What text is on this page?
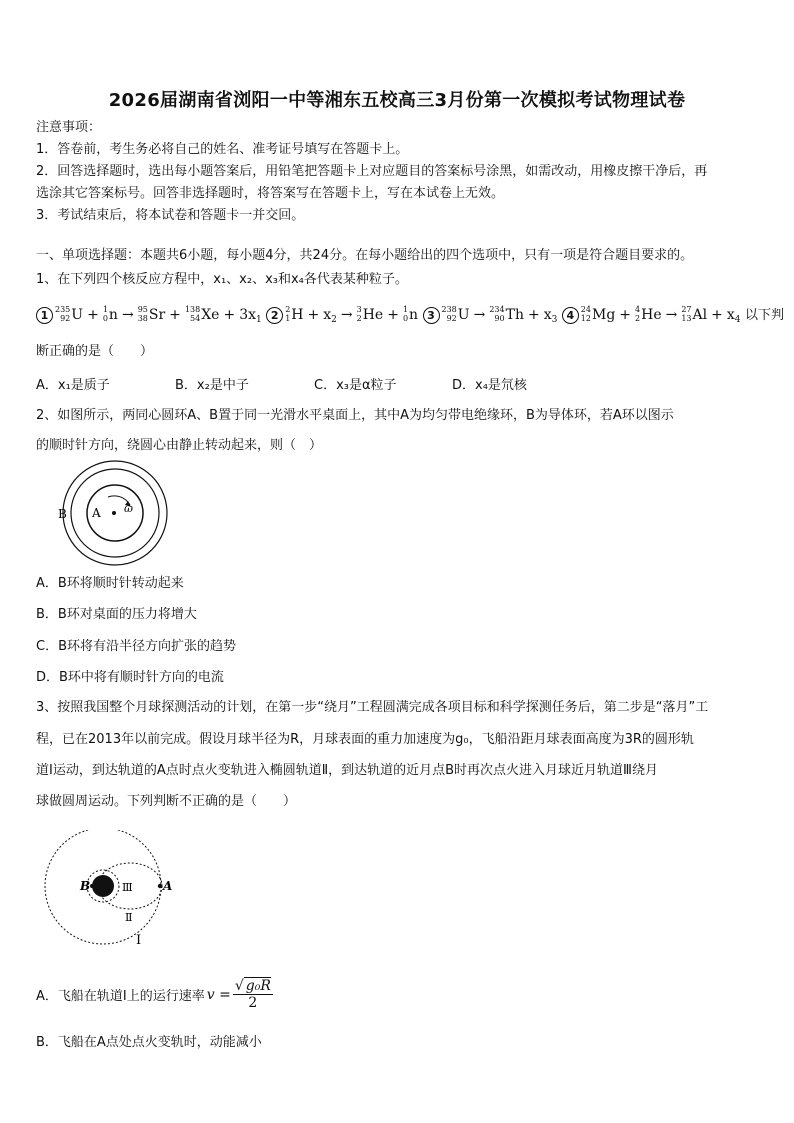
2026届湖南省浏阳一中等湘东五校高三3月份第一次模拟考试物理试卷
注意事项：
1．答卷前，考生务必将自己的姓名、准考证号填写在答题卡上。
2．回答选择题时，选出每小题答案后，用铅笔把答题卡上对应题目的答案标号涂黑，如需改动，用橡皮擦干净后，再
选涂其它答案标号。回答非选择题时，将答案写在答题卡上，写在本试卷上无效。
3．考试结束后，将本试卷和答题卡一并交回。
一、单项选择题：本题共6小题，每小题4分，共24分。在每小题给出的四个选项中，只有一项是符合题目要求的。
1、在下列四个核反应方程中，x₁、x₂、x₃和x₄各代表某种粒子。
1 235
92 U + 1
0 n → 95
38 Sr + 138
54 $Xe + 3x_1$ 2 2
1 $H + x_2 \to 3$
2 He + 1
0 n 3 238
92 U → 234
90 $Th + x_3$ 4 24
12 Mg + 4
2 He → 27
13 $Al + x_4$ 以下判
断正确的是（　　）
A．x₁是质子	B．x₂是中子	C．x₃是α粒子	D．x₄是氘核
2、如图所示，两同心圆环A、B置于同一光滑水平桌面上，其中A为均匀带电绝缘环，B为导体环，若A环以图示
的顺时针方向，绕圆心由静止转动起来，则（　）
B A ω
A．B环将顺时针转动起来
B．B环对桌面的压力将增大
C．B环将有沿半径方向扩张的趋势
D．B环中将有顺时针方向的电流
3、按照我国整个月球探测活动的计划，在第一步“绕月”工程圆满完成各项目标和科学探测任务后，第二步是“落月”工
程，已在2013年以前完成。假设月球半径为R，月球表面的重力加速度为g₀，飞船沿距月球表面高度为3R的圆形轨
道Ⅰ运动，到达轨道的A点时点火变轨进入椭圆轨道Ⅱ，到达轨道的近月点B时再次点火进入月球近月轨道Ⅲ绕月
球做圆周运动。下列判断不正确的是（　　）
B	A
Ⅲ
Ⅱ
Ⅰ
A．飞船在轨道Ⅰ上的运行速率 $v = \frac{\text{√ g₀R}}{2}$
B．飞船在A点处点火变轨时，动能减小
